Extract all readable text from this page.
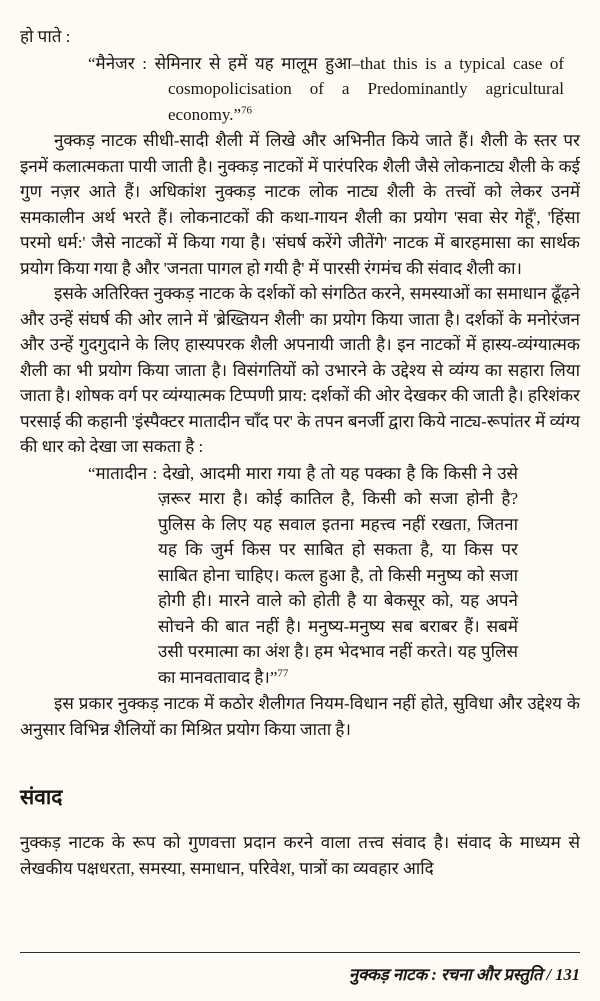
हो पाते :

“मैनेजर : सेमिनार से हमें यह मालूम हुआ–that this is a typical case of cosmopolicisation of a Predominantly agricultural economy.”$^{76}$

नुक्कड़ नाटक सीधी-सादी शैली में लिखे और अभिनीत किये जाते हैं। शैली के स्तर पर इनमें कलात्मकता पायी जाती है। नुक्कड़ नाटकों में पारंपरिक शैली जैसे लोकनाट्य शैली के कई गुण नज़र आते हैं। अधिकांश नुक्कड़ नाटक लोक नाट्य शैली के तत्त्वों को लेकर उनमें समकालीन अर्थ भरते हैं। लोकनाटकों की कथा-गायन शैली का प्रयोग 'सवा सेर गेहूँ', 'हिंसा परमो धर्म:' जैसे नाटकों में किया गया है। 'संघर्ष करेंगे जीतेंगे' नाटक में बारहमासा का सार्थक प्रयोग किया गया है और 'जनता पागल हो गयी है' में पारसी रंगमंच की संवाद शैली का।

इसके अतिरिक्त नुक्कड़ नाटक के दर्शकों को संगठित करने, समस्याओं का समाधान ढूँढ़ने और उन्हें संघर्ष की ओर लाने में 'ब्रेख्तियन शैली' का प्रयोग किया जाता है। दर्शकों के मनोरंजन और उन्हें गुदगुदाने के लिए हास्यपरक शैली अपनायी जाती है। इन नाटकों में हास्य-व्यंग्यात्मक शैली का भी प्रयोग किया जाता है। विसंगतियों को उभारने के उद्देश्य से व्यंग्य का सहारा लिया जाता है। शोषक वर्ग पर व्यंग्यात्मक टिप्पणी प्राय: दर्शकों की ओर देखकर की जाती है। हरिशंकर परसाई की कहानी 'इंस्पैक्टर मातादीन चाँद पर' के तपन बनर्जी द्वारा किये नाट्य-रूपांतर में व्यंग्य की धार को देखा जा सकता है :

“मातादीन : देखो, आदमी मारा गया है तो यह पक्का है कि किसी ने उसे ज़रूर मारा है। कोई कातिल है, किसी को सजा होनी है? पुलिस के लिए यह सवाल इतना महत्त्व नहीं रखता, जितना यह कि जुर्म किस पर साबित हो सकता है, या किस पर साबित होना चाहिए। कत्ल हुआ है, तो किसी मनुष्य को सजा होगी ही। मारने वाले को होती है या बेकसूर को, यह अपने सोचने की बात नहीं है। मनुष्य-मनुष्य सब बराबर हैं। सबमें उसी परमात्मा का अंश है। हम भेदभाव नहीं करते। यह पुलिस का मानवतावाद है।”$^{77}$

इस प्रकार नुक्कड़ नाटक में कठोर शैलीगत नियम-विधान नहीं होते, सुविधा और उद्देश्य के अनुसार विभिन्न शैलियों का मिश्रित प्रयोग किया जाता है।

संवाद

नुक्कड़ नाटक के रूप को गुणवत्ता प्रदान करने वाला तत्त्व संवाद है। संवाद के माध्यम से लेखकीय पक्षधरता, समस्या, समाधान, परिवेश, पात्रों का व्यवहार आदि

नुक्कड़ नाटक : रचना और प्रस्तुति / 131
